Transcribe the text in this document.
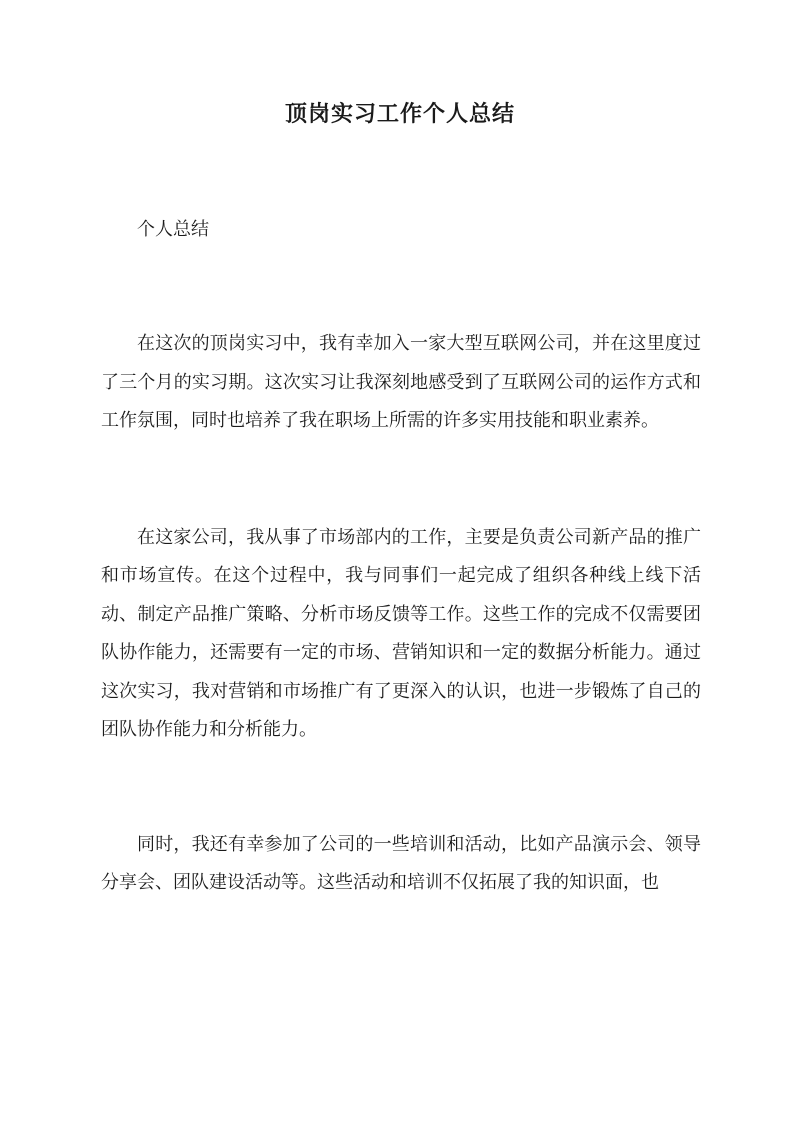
顶岗实习工作个人总结

个人总结

在这次的顶岗实习中，我有幸加入一家大型互联网公司，并在这里度过了三个月的实习期。这次实习让我深刻地感受到了互联网公司的运作方式和工作氛围，同时也培养了我在职场上所需的许多实用技能和职业素养。

在这家公司，我从事了市场部内的工作，主要是负责公司新产品的推广和市场宣传。在这个过程中，我与同事们一起完成了组织各种线上线下活动、制定产品推广策略、分析市场反馈等工作。这些工作的完成不仅需要团队协作能力，还需要有一定的市场、营销知识和一定的数据分析能力。通过这次实习，我对营销和市场推广有了更深入的认识，也进一步锻炼了自己的团队协作能力和分析能力。

同时，我还有幸参加了公司的一些培训和活动，比如产品演示会、领导分享会、团队建设活动等。这些活动和培训不仅拓展了我的知识面，也
